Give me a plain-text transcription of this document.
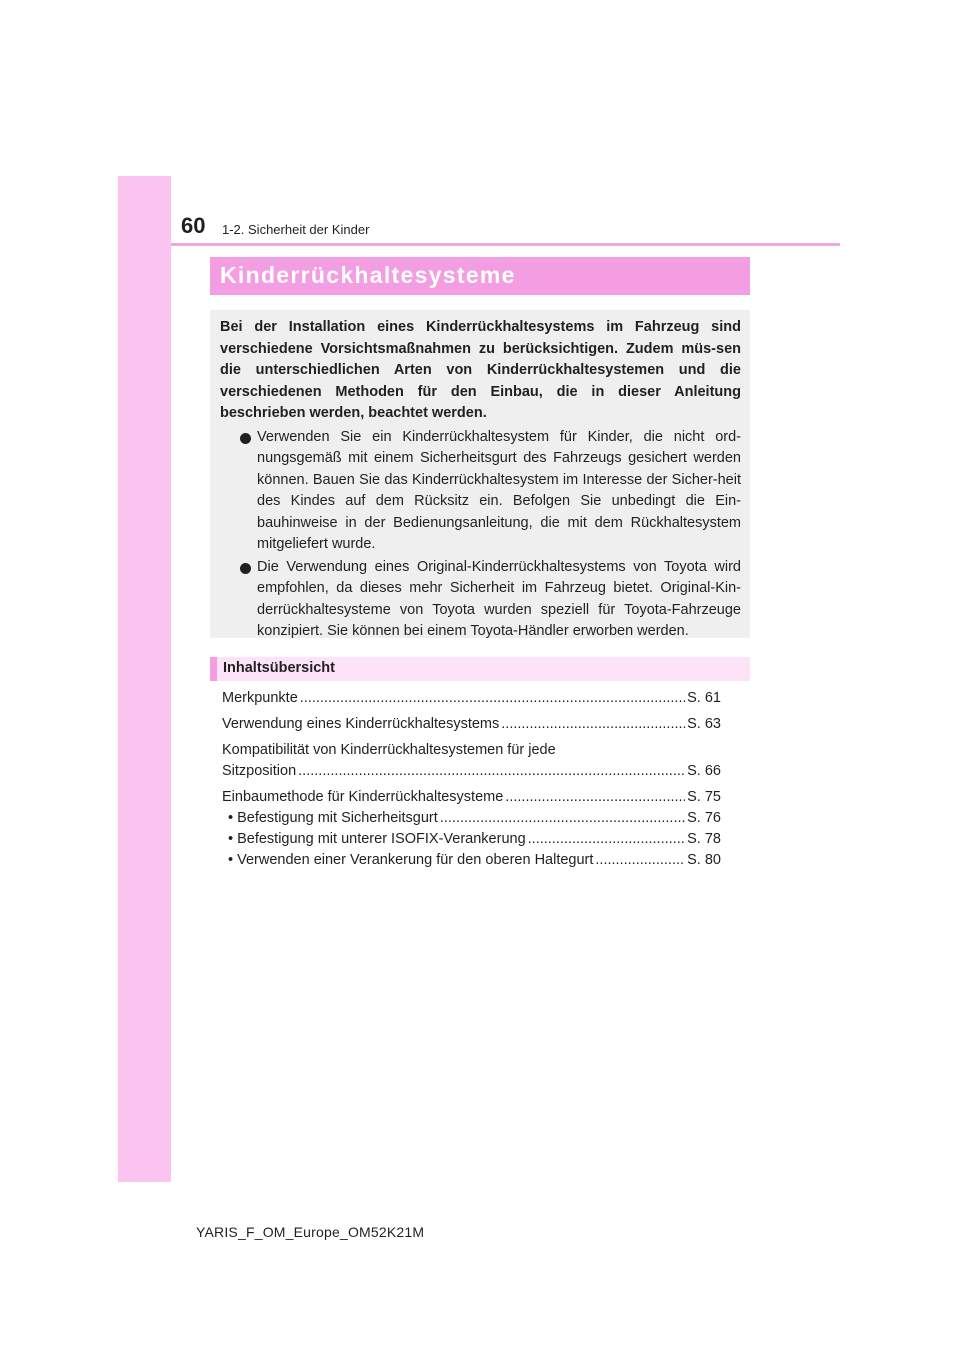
60 1-2. Sicherheit der Kinder
Kinderrückhaltesysteme

Bei der Installation eines Kinderrückhaltesystems im Fahrzeug sind verschiedene Vorsichtsmaßnahmen zu berücksichtigen. Zudem müs-sen die unterschiedlichen Arten von Kinderrückhaltesystemen und die verschiedenen Methoden für den Einbau, die in dieser Anleitung beschrieben werden, beachtet werden.

Verwenden Sie ein Kinderrückhaltesystem für Kinder, die nicht ord-nungsgemäß mit einem Sicherheitsgurt des Fahrzeugs gesichert werden können. Bauen Sie das Kinderrückhaltesystem im Interesse der Sicher-heit des Kindes auf dem Rücksitz ein. Befolgen Sie unbedingt die Ein-bauhinweise in der Bedienungsanleitung, die mit dem Rückhaltesystem mitgeliefert wurde.
Die Verwendung eines Original-Kinderrückhaltesystems von Toyota wird empfohlen, da dieses mehr Sicherheit im Fahrzeug bietet. Original-Kin-derrückhaltesysteme von Toyota wurden speziell für Toyota-Fahrzeuge konzipiert. Sie können bei einem Toyota-Händler erworben werden.
Inhaltsübersicht
Merkpunkte .....	S. 61
Verwendung eines Kinderrückhaltesystems .....	S. 63
Kompatibilität von Kinderrückhaltesystemen für jede
Sitzposition .....	S. 66
Einbaumethode für Kinderrückhaltesysteme .....	S. 75
• Befestigung mit Sicherheitsgurt .....	S. 76
• Befestigung mit unterer ISOFIX-Verankerung .....	S. 78
• Verwenden einer Verankerung für den oberen Haltegurt .....	S. 80
YARIS_F_OM_Europe_OM52K21M
